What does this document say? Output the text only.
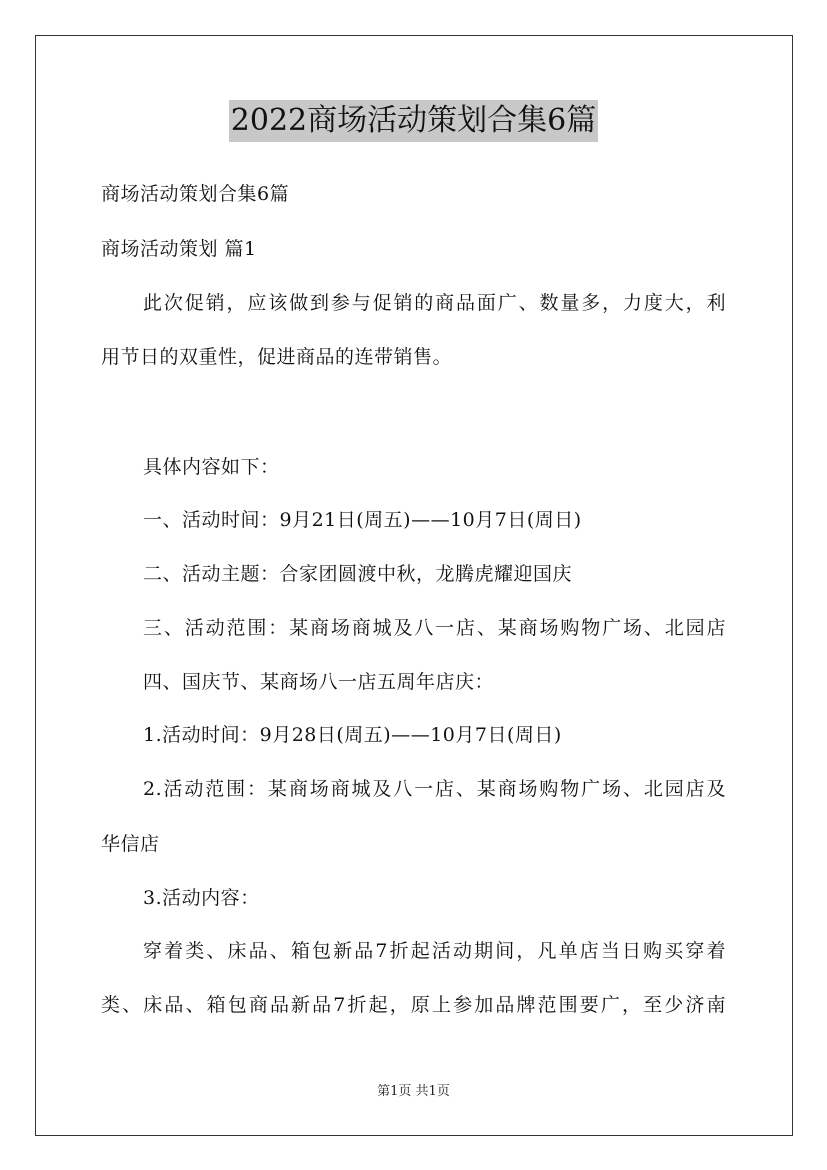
2022商场活动策划合集6篇
商场活动策划合集6篇
商场活动策划 篇1
此次促销，应该做到参与促销的商品面广、数量多，力度大，利
用节日的双重性，促进商品的连带销售。
具体内容如下：
一、活动时间：9月21日(周五)——10月7日(周日)
二、活动主题：合家团圆渡中秋，龙腾虎耀迎国庆
三、活动范围：某商场商城及八一店、某商场购物广场、北园店
四、国庆节、某商场八一店五周年店庆：
1.活动时间：9月28日(周五)——10月7日(周日)
2.活动范围：某商场商城及八一店、某商场购物广场、北园店及
华信店
3.活动内容：
穿着类、床品、箱包新品7折起活动期间，凡单店当日购买穿着
类、床品、箱包商品新品7折起，原上参加品牌范围要广，至少济南
第1页 共1页
